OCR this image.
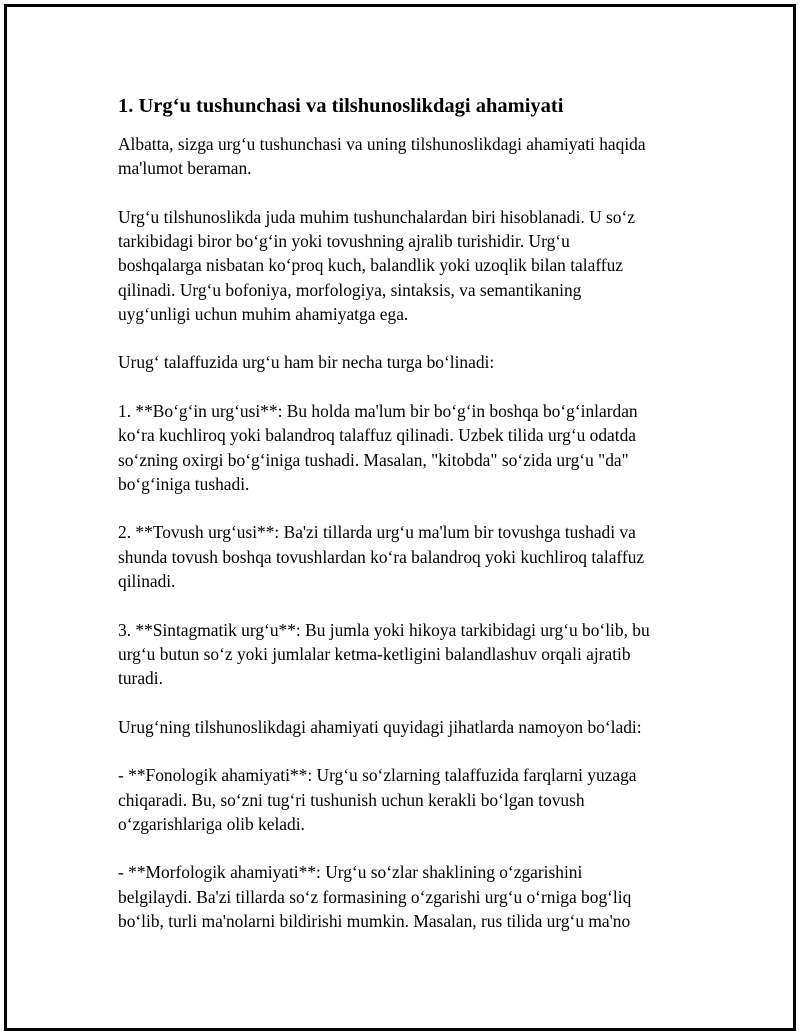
1. Urg‘u tushunchasi va tilshunoslikdagi ahamiyati
Albatta, sizga urg‘u tushunchasi va uning tilshunoslikdagi ahamiyati haqida
ma'lumot beraman.
Urg‘u tilshunoslikda juda muhim tushunchalardan biri hisoblanadi. U so‘z
tarkibidagi biror bo‘g‘in yoki tovushning ajralib turishidir. Urg‘u
boshqalarga nisbatan ko‘proq kuch, balandlik yoki uzoqlik bilan talaffuz
qilinadi. Urg‘u bofoniya, morfologiya, sintaksis, va semantikaning
uyg‘unligi uchun muhim ahamiyatga ega.
Urug‘ talaffuzida urg‘u ham bir necha turga bo‘linadi:
1. **Bo‘g‘in urg‘usi**: Bu holda ma'lum bir bo‘g‘in boshqa bo‘g‘inlardan
ko‘ra kuchliroq yoki balandroq talaffuz qilinadi. Uzbek tilida urg‘u odatda
so‘zning oxirgi bo‘g‘iniga tushadi. Masalan, "kitobda" so‘zida urg‘u "da"
bo‘g‘iniga tushadi.
2. **Tovush urg‘usi**: Ba'zi tillarda urg‘u ma'lum bir tovushga tushadi va
shunda tovush boshqa tovushlardan ko‘ra balandroq yoki kuchliroq talaffuz
qilinadi.
3. **Sintagmatik urg‘u**: Bu jumla yoki hikoya tarkibidagi urg‘u bo‘lib, bu
urg‘u butun so‘z yoki jumlalar ketma-ketligini balandlashuv orqali ajratib
turadi.
Urug‘ning tilshunoslikdagi ahamiyati quyidagi jihatlarda namoyon bo‘ladi:
- **Fonologik ahamiyati**: Urg‘u so‘zlarning talaffuzida farqlarni yuzaga
chiqaradi. Bu, so‘zni tug‘ri tushunish uchun kerakli bo‘lgan tovush
o‘zgarishlariga olib keladi.
- **Morfologik ahamiyati**: Urg‘u so‘zlar shaklining o‘zgarishini
belgilaydi. Ba'zi tillarda so‘z formasining o‘zgarishi urg‘u o‘rniga bog‘liq
bo‘lib, turli ma'nolarni bildirishi mumkin. Masalan, rus tilida urg‘u ma'no
